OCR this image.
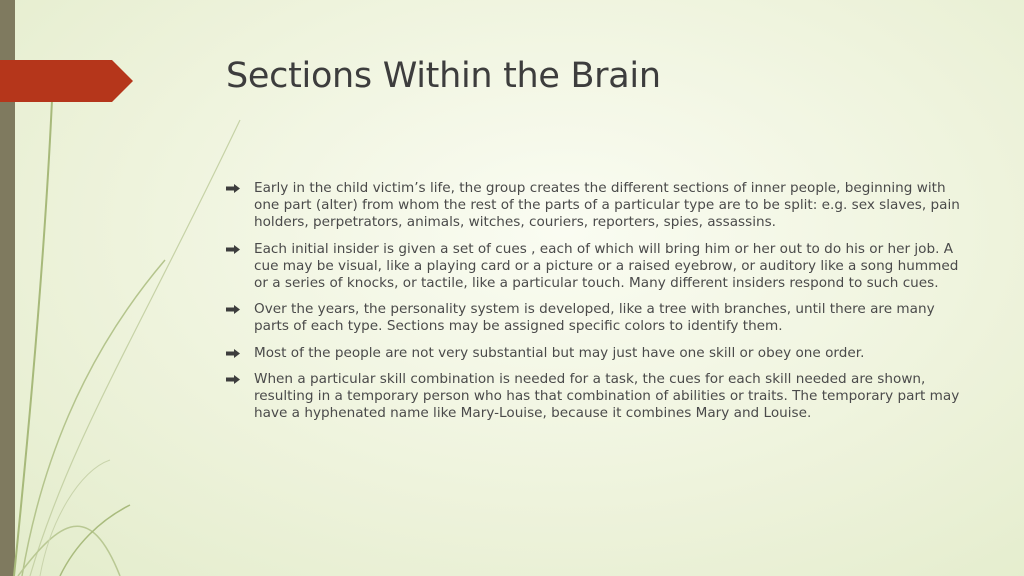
Sections Within the Brain
Early in the child victim’s life, the group creates the different sections of inner people, beginning with one part (alter) from whom the rest of the parts of a particular type are to be split: e.g. sex slaves, pain holders, perpetrators, animals, witches, couriers, reporters, spies, assassins.
Each initial insider is given a set of cues , each of which will bring him or her out to do his or her job. A cue may be visual, like a playing card or a picture or a raised eyebrow, or auditory like a song hummed or a series of knocks, or tactile, like a particular touch. Many different insiders respond to such cues.
Over the years, the personality system is developed, like a tree with branches, until there are many parts of each type. Sections may be assigned specific colors to identify them.
Most of the people are not very substantial but may just have one skill or obey one order.
When a particular skill combination is needed for a task, the cues for each skill needed are shown, resulting in a temporary person who has that combination of abilities or traits. The temporary part may have a hyphenated name like Mary-Louise, because it combines Mary and Louise.
